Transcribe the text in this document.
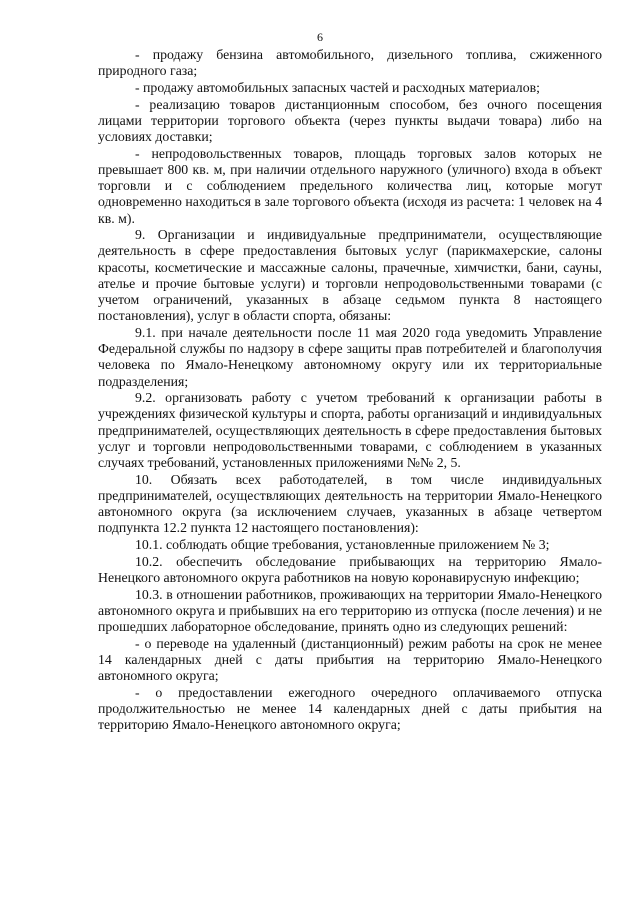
6

- продажу бензина автомобильного, дизельного топлива, сжиженного природного газа;

- продажу автомобильных запасных частей и расходных материалов;

- реализацию товаров дистанционным способом, без очного посещения лицами территории торгового объекта (через пункты выдачи товара) либо на условиях доставки;

- непродовольственных товаров, площадь торговых залов которых не превышает 800 кв. м, при наличии отдельного наружного (уличного) входа в объект торговли и с соблюдением предельного количества лиц, которые могут одновременно находиться в зале торгового объекта (исходя из расчета: 1 человек на 4 кв. м).

9. Организации и индивидуальные предприниматели, осуществляющие деятельность в сфере предоставления бытовых услуг (парикмахерские, салоны красоты, косметические и массажные салоны, прачечные, химчистки, бани, сауны, ателье и прочие бытовые услуги) и торговли непродовольственными товарами (с учетом ограничений, указанных в абзаце седьмом пункта 8 настоящего постановления), услуг в области спорта, обязаны:

9.1. при начале деятельности после 11 мая 2020 года уведомить Управление Федеральной службы по надзору в сфере защиты прав потребителей и благополучия человека по Ямало-Ненецкому автономному округу или их территориальные подразделения;

9.2. организовать работу с учетом требований к организации работы в учреждениях физической культуры и спорта, работы организаций и индивидуальных предпринимателей, осуществляющих деятельность в сфере предоставления бытовых услуг и торговли непродовольственными товарами, с соблюдением в указанных случаях требований, установленных приложениями №№ 2, 5.

10. Обязать всех работодателей, в том числе индивидуальных предпринимателей, осуществляющих деятельность на территории Ямало-Ненецкого автономного округа (за исключением случаев, указанных в абзаце четвертом подпункта 12.2 пункта 12 настоящего постановления):

10.1. соблюдать общие требования, установленные приложением № 3;

10.2. обеспечить обследование прибывающих на территорию Ямало-Ненецкого автономного округа работников на новую коронавирусную инфекцию;

10.3. в отношении работников, проживающих на территории Ямало-Ненецкого автономного округа и прибывших на его территорию из отпуска (после лечения) и не прошедших лабораторное обследование, принять одно из следующих решений:

- о переводе на удаленный (дистанционный) режим работы на срок не менее 14 календарных дней с даты прибытия на территорию Ямало-Ненецкого автономного округа;

- о предоставлении ежегодного очередного оплачиваемого отпуска продолжительностью не менее 14 календарных дней с даты прибытия на территорию Ямало-Ненецкого автономного округа;
